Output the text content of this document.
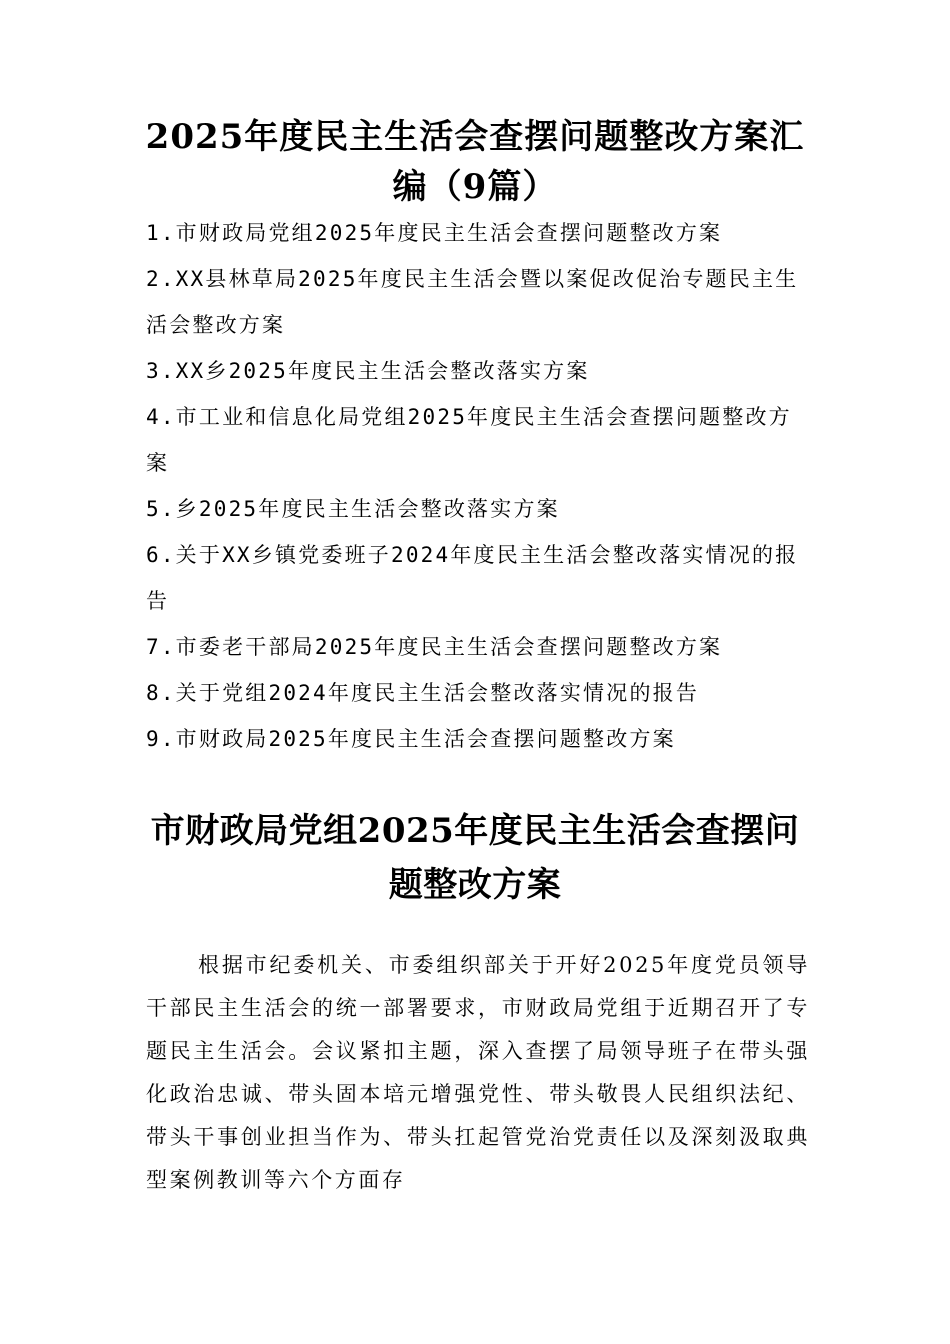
2025年度民主生活会查摆问题整改方案汇编（9篇）
1.市财政局党组2025年度民主生活会查摆问题整改方案
2.XX县林草局2025年度民主生活会暨以案促改促治专题民主生活会整改方案
3.XX乡2025年度民主生活会整改落实方案
4.市工业和信息化局党组2025年度民主生活会查摆问题整改方案
5.乡2025年度民主生活会整改落实方案
6.关于XX乡镇党委班子2024年度民主生活会整改落实情况的报告
7.市委老干部局2025年度民主生活会查摆问题整改方案
8.关于党组2024年度民主生活会整改落实情况的报告
9.市财政局2025年度民主生活会查摆问题整改方案
市财政局党组2025年度民主生活会查摆问题整改方案

根据市纪委机关、市委组织部关于开好2025年度党员领导干部民主生活会的统一部署要求，市财政局党组于近期召开了专题民主生活会。会议紧扣主题，深入查摆了局领导班子在带头强化政治忠诚、带头固本培元增强党性、带头敬畏人民组织法纪、带头干事创业担当作为、带头扛起管党治党责任以及深刻汲取典型案例教训等六个方面存
